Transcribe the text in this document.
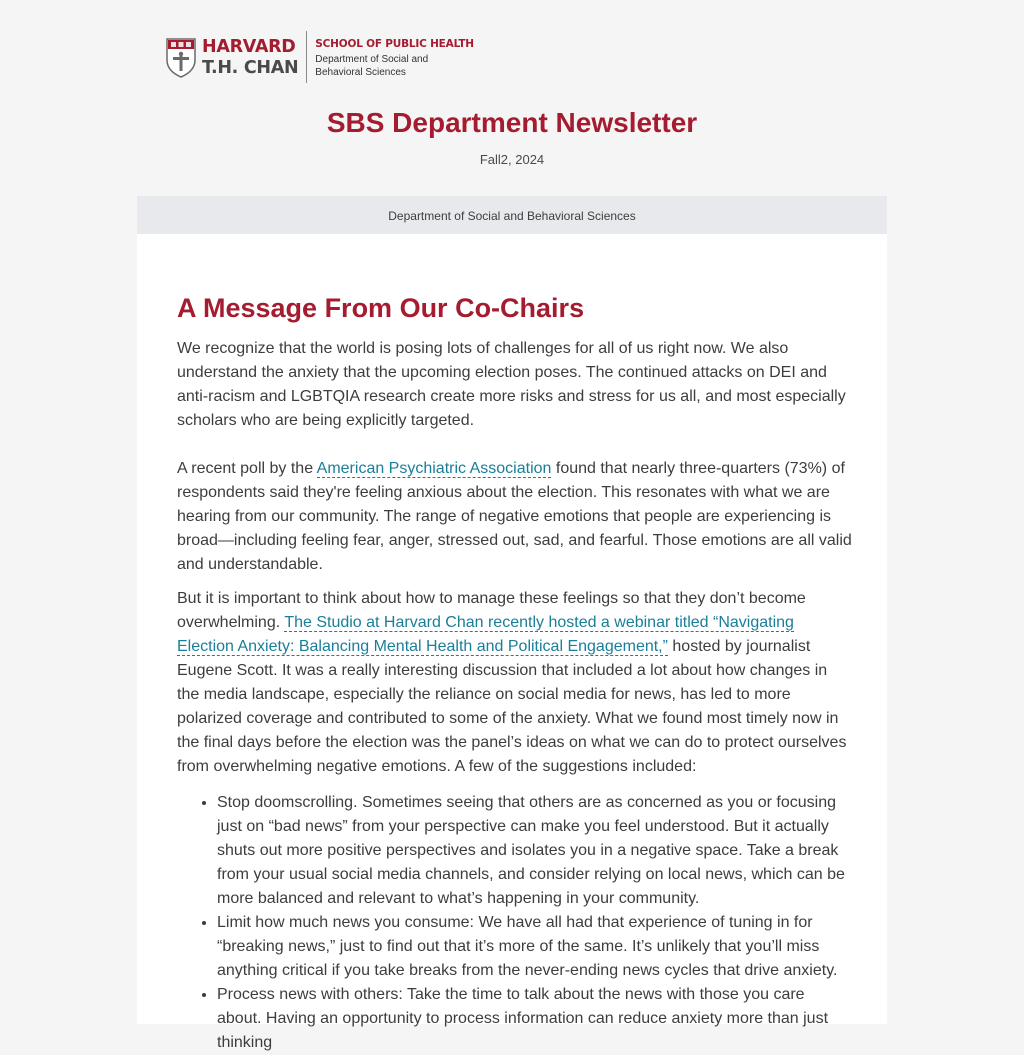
HARVARD
T.H. CHAN
SCHOOL OF PUBLIC HEALTH
Department of Social and Behavioral Sciences
SBS Department Newsletter
Fall2, 2024
Department of Social and Behavioral Sciences
A Message From Our Co-Chairs

We recognize that the world is posing lots of challenges for all of us right now. We also understand the anxiety that the upcoming election poses. The continued attacks on DEI and anti-racism and LGBTQIA research create more risks and stress for us all, and most especially scholars who are being explicitly targeted.

A recent poll by the American Psychiatric Association found that nearly three-quarters (73%) of respondents said they're feeling anxious about the election. This resonates with what we are hearing from our community. The range of negative emotions that people are experiencing is broad—including feeling fear, anger, stressed out, sad, and fearful. Those emotions are all valid and understandable.

But it is important to think about how to manage these feelings so that they don’t become overwhelming. The Studio at Harvard Chan recently hosted a webinar titled “Navigating Election Anxiety: Balancing Mental Health and Political Engagement,” hosted by journalist Eugene Scott. It was a really interesting discussion that included a lot about how changes in the media landscape, especially the reliance on social media for news, has led to more polarized coverage and contributed to some of the anxiety. What we found most timely now in the final days before the election was the panel’s ideas on what we can do to protect ourselves from overwhelming negative emotions. A few of the suggestions included:

• Stop doomscrolling. Sometimes seeing that others are as concerned as you or focusing just on “bad news” from your perspective can make you feel understood. But it actually shuts out more positive perspectives and isolates you in a negative space. Take a break from your usual social media channels, and consider relying on local news, which can be more balanced and relevant to what’s happening in your community.
• Limit how much news you consume: We have all had that experience of tuning in for “breaking news,” just to find out that it’s more of the same. It’s unlikely that you’ll miss anything critical if you take breaks from the never-ending news cycles that drive anxiety.
• Process news with others: Take the time to talk about the news with those you care about. Having an opportunity to process information can reduce anxiety more than just thinking
